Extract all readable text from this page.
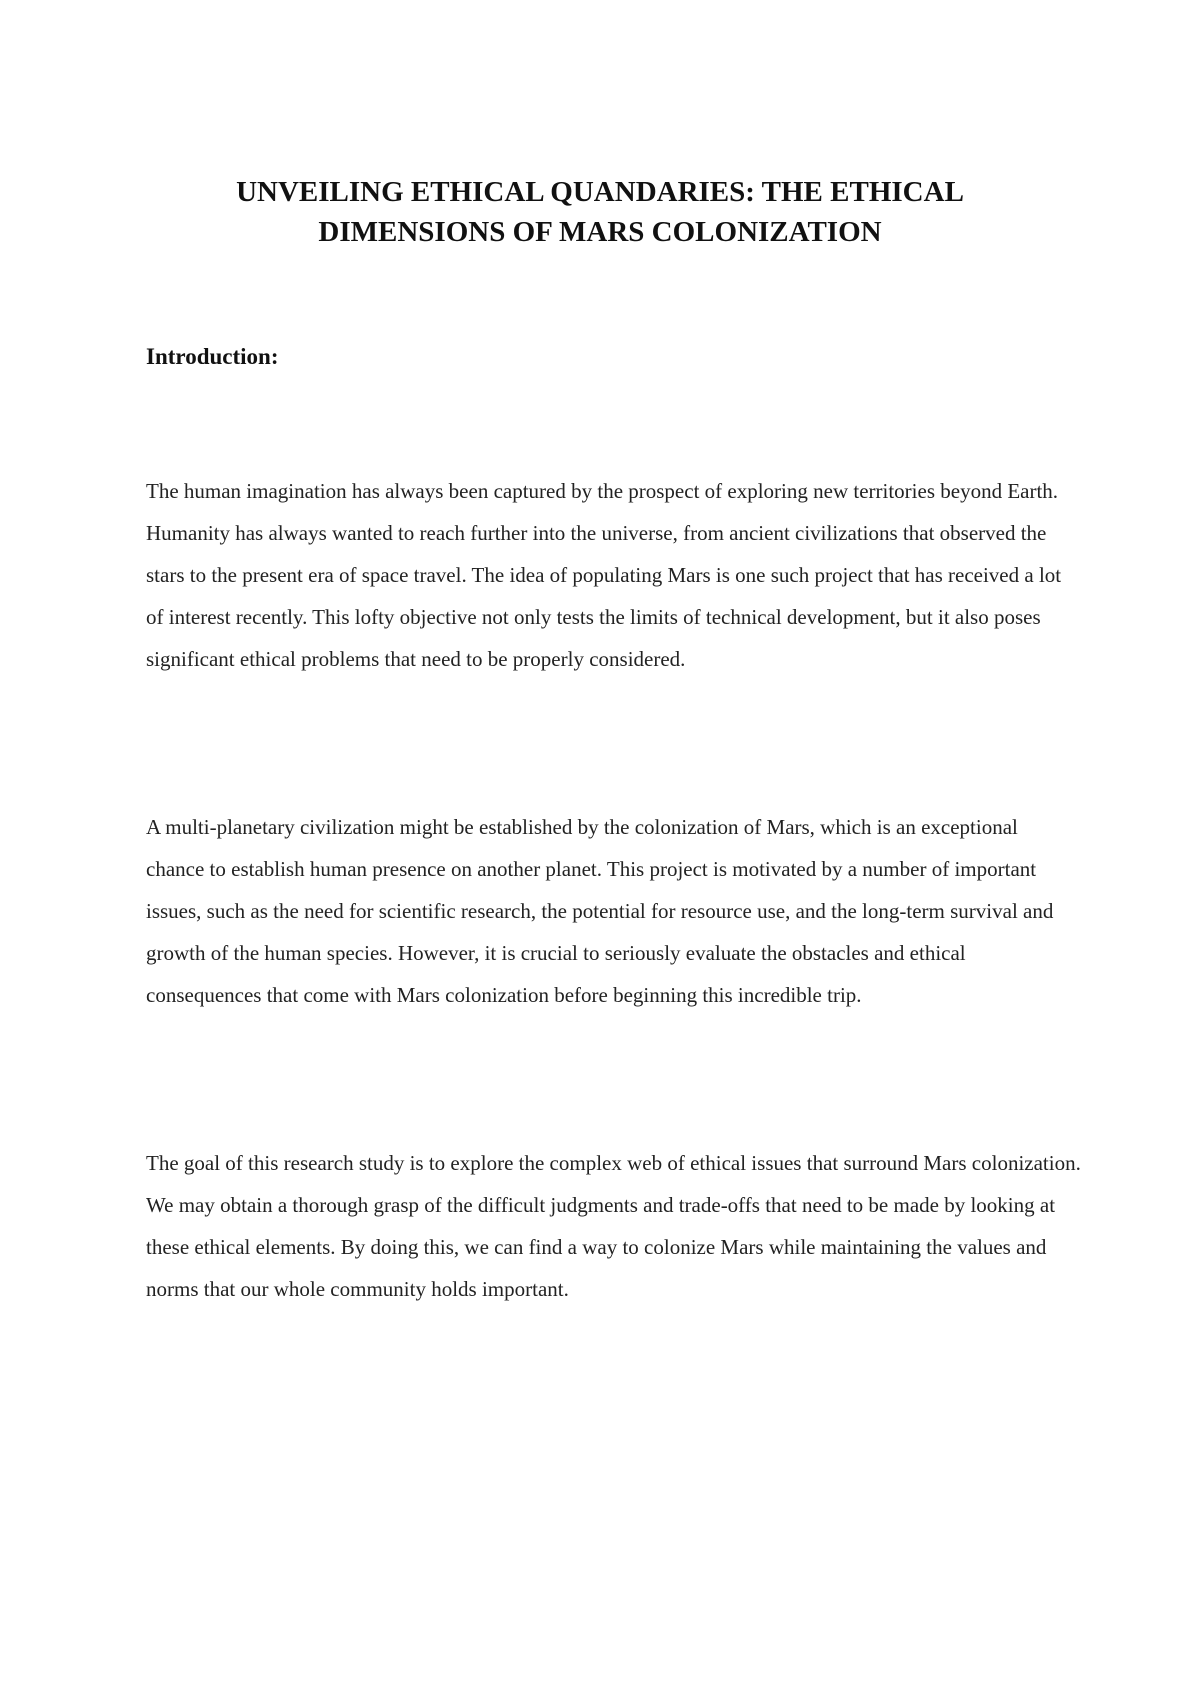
UNVEILING ETHICAL QUANDARIES: THE ETHICAL
DIMENSIONS OF MARS COLONIZATION
Introduction:

The human imagination has always been captured by the prospect of exploring new territories beyond Earth. Humanity has always wanted to reach further into the universe, from ancient civilizations that observed the stars to the present era of space travel. The idea of populating Mars is one such project that has received a lot of interest recently. This lofty objective not only tests the limits of technical development, but it also poses significant ethical problems that need to be properly considered.

A multi-planetary civilization might be established by the colonization of Mars, which is an exceptional chance to establish human presence on another planet. This project is motivated by a number of important issues, such as the need for scientific research, the potential for resource use, and the long-term survival and growth of the human species. However, it is crucial to seriously evaluate the obstacles and ethical consequences that come with Mars colonization before beginning this incredible trip.

The goal of this research study is to explore the complex web of ethical issues that surround Mars colonization. We may obtain a thorough grasp of the difficult judgments and trade-offs that need to be made by looking at these ethical elements. By doing this, we can find a way to colonize Mars while maintaining the values and norms that our whole community holds important.
